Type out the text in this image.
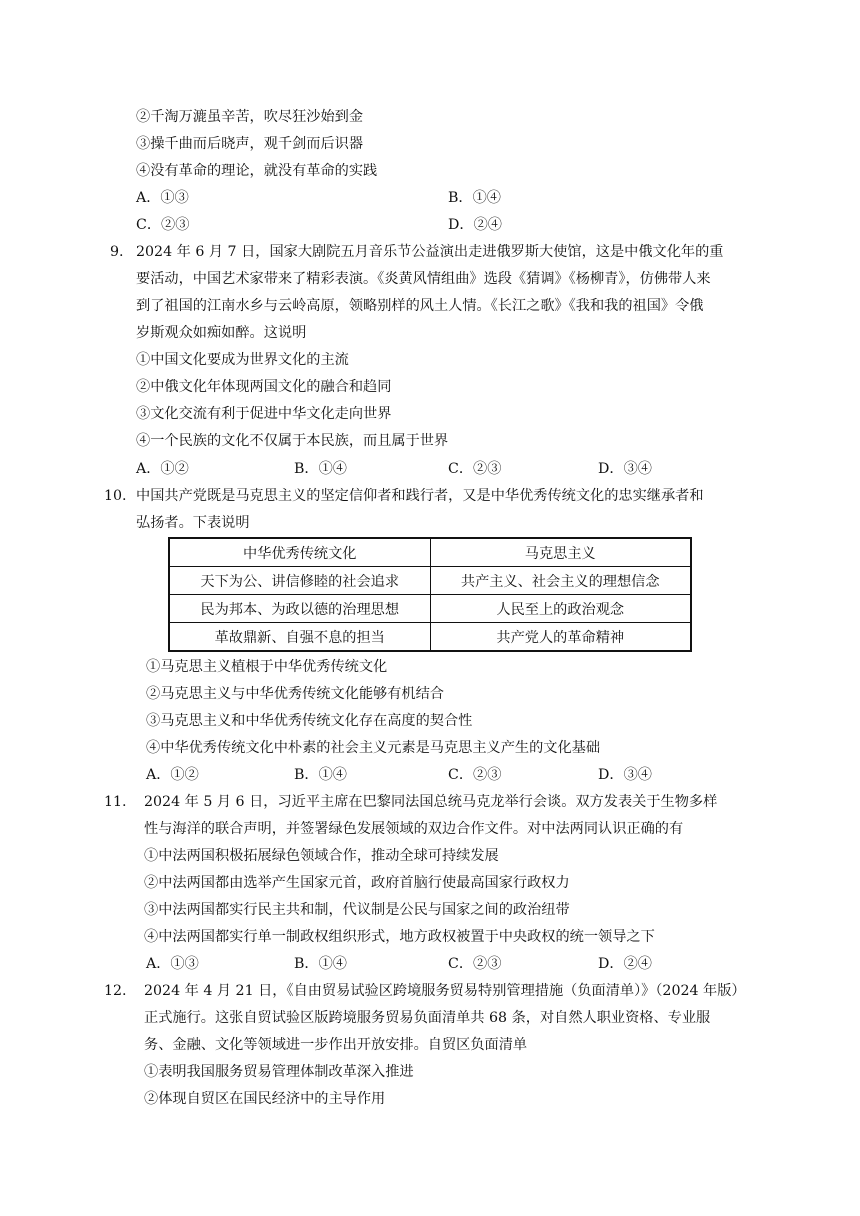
②千淘万漉虽辛苦，吹尽狂沙始到金
③操千曲而后晓声，观千剑而后识器
④没有革命的理论，就没有革命的实践
A．①③	B．①④
C．②③	D．②④
9. 2024 年 6 月 7 日，国家大剧院五月音乐节公益演出走进俄罗斯大使馆，这是中俄文化年的重
要活动，中国艺术家带来了精彩表演。《炎黄风情组曲》选段《猜调》《杨柳青》，仿佛带人来
到了祖国的江南水乡与云岭高原，领略别样的风土人情。《长江之歌》《我和我的祖国》令俄
岁斯观众如痴如醉。这说明
①中国文化要成为世界文化的主流
②中俄文化年体现两国文化的融合和趋同
③文化交流有利于促进中华文化走向世界
④一个民族的文化不仅属于本民族，而且属于世界
A．①②	B．①④	C．②③	D．③④
10. 中国共产党既是马克思主义的坚定信仰者和践行者，又是中华优秀传统文化的忠实继承者和
弘扬者。下表说明
中华优秀传统文化	马克思主义
天下为公、讲信修睦的社会追求	共产主义、社会主义的理想信念
民为邦本、为政以德的治理思想	人民至上的政治观念
革故鼎新、自强不息的担当	共产党人的革命精神
①马克思主义植根于中华优秀传统文化
②马克思主义与中华优秀传统文化能够有机结合
③马克思主义和中华优秀传统文化存在高度的契合性
④中华优秀传统文化中朴素的社会主义元素是马克思主义产生的文化基础
A．①②	B．①④	C．②③	D．③④
11. 2024 年 5 月 6 日，习近平主席在巴黎同法国总统马克龙举行会谈。双方发表关于生物多样
性与海洋的联合声明，并签署绿色发展领域的双边合作文件。对中法两同认识正确的有
①中法两国积极拓展绿色领域合作，推动全球可持续发展
②中法两国都由选举产生国家元首，政府首脑行使最高国家行政权力
③中法两国都实行民主共和制，代议制是公民与国家之间的政治纽带
④中法两国都实行单一制政权组织形式，地方政权被置于中央政权的统一领导之下
A．①③	B．①④	C．②③	D．②④
12. 2024 年 4 月 21 日，《自由贸易试验区跨境服务贸易特别管理措施（负面清单）》（2024 年版）
正式施行。这张自贸试验区版跨境服务贸易负面清单共 68 条，对自然人职业资格、专业服
务、金融、文化等领域进一步作出开放安排。自贸区负面清单
①表明我国服务贸易管理体制改革深入推进
②体现自贸区在国民经济中的主导作用
